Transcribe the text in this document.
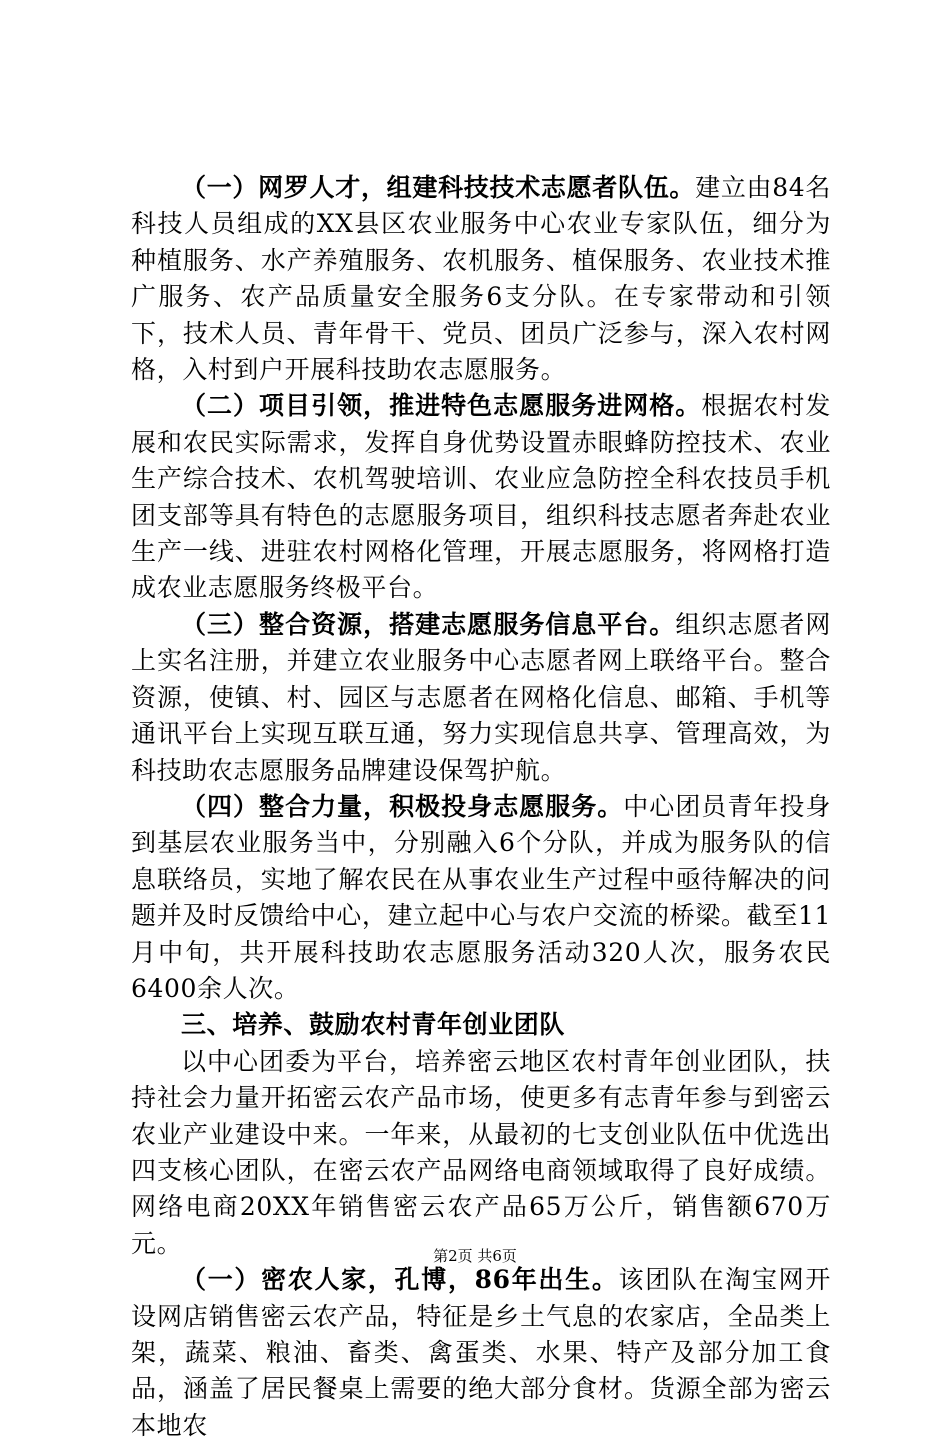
（一）网罗人才，组建科技技术志愿者队伍。建立由84名科技人员组成的XX县区农业服务中心农业专家队伍，细分为种植服务、水产养殖服务、农机服务、植保服务、农业技术推广服务、农产品质量安全服务6支分队。在专家带动和引领下，技术人员、青年骨干、党员、团员广泛参与，深入农村网格，入村到户开展科技助农志愿服务。

（二）项目引领，推进特色志愿服务进网格。根据农村发展和农民实际需求，发挥自身优势设置赤眼蜂防控技术、农业生产综合技术、农机驾驶培训、农业应急防控全科农技员手机团支部等具有特色的志愿服务项目，组织科技志愿者奔赴农业生产一线、进驻农村网格化管理，开展志愿服务，将网格打造成农业志愿服务终极平台。

（三）整合资源，搭建志愿服务信息平台。组织志愿者网上实名注册，并建立农业服务中心志愿者网上联络平台。整合资源，使镇、村、园区与志愿者在网格化信息、邮箱、手机等通讯平台上实现互联互通，努力实现信息共享、管理高效，为科技助农志愿服务品牌建设保驾护航。

（四）整合力量，积极投身志愿服务。中心团员青年投身到基层农业服务当中，分别融入6个分队，并成为服务队的信息联络员，实地了解农民在从事农业生产过程中亟待解决的问题并及时反馈给中心，建立起中心与农户交流的桥梁。截至11月中旬，共开展科技助农志愿服务活动320人次，服务农民6400余人次。

三、培养、鼓励农村青年创业团队

以中心团委为平台，培养密云地区农村青年创业团队，扶持社会力量开拓密云农产品市场，使更多有志青年参与到密云农业产业建设中来。一年来，从最初的七支创业队伍中优选出四支核心团队，在密云农产品网络电商领域取得了良好成绩。网络电商20XX年销售密云农产品65万公斤，销售额670万元。

（一）密农人家，孔博，86年出生。该团队在淘宝网开设网店销售密云农产品，特征是乡土气息的农家店，全品类上架，蔬菜、粮油、畜类、禽蛋类、水果、特产及部分加工食品，涵盖了居民餐桌上需要的绝大部分食材。货源全部为密云本地农

第2页 共6页
